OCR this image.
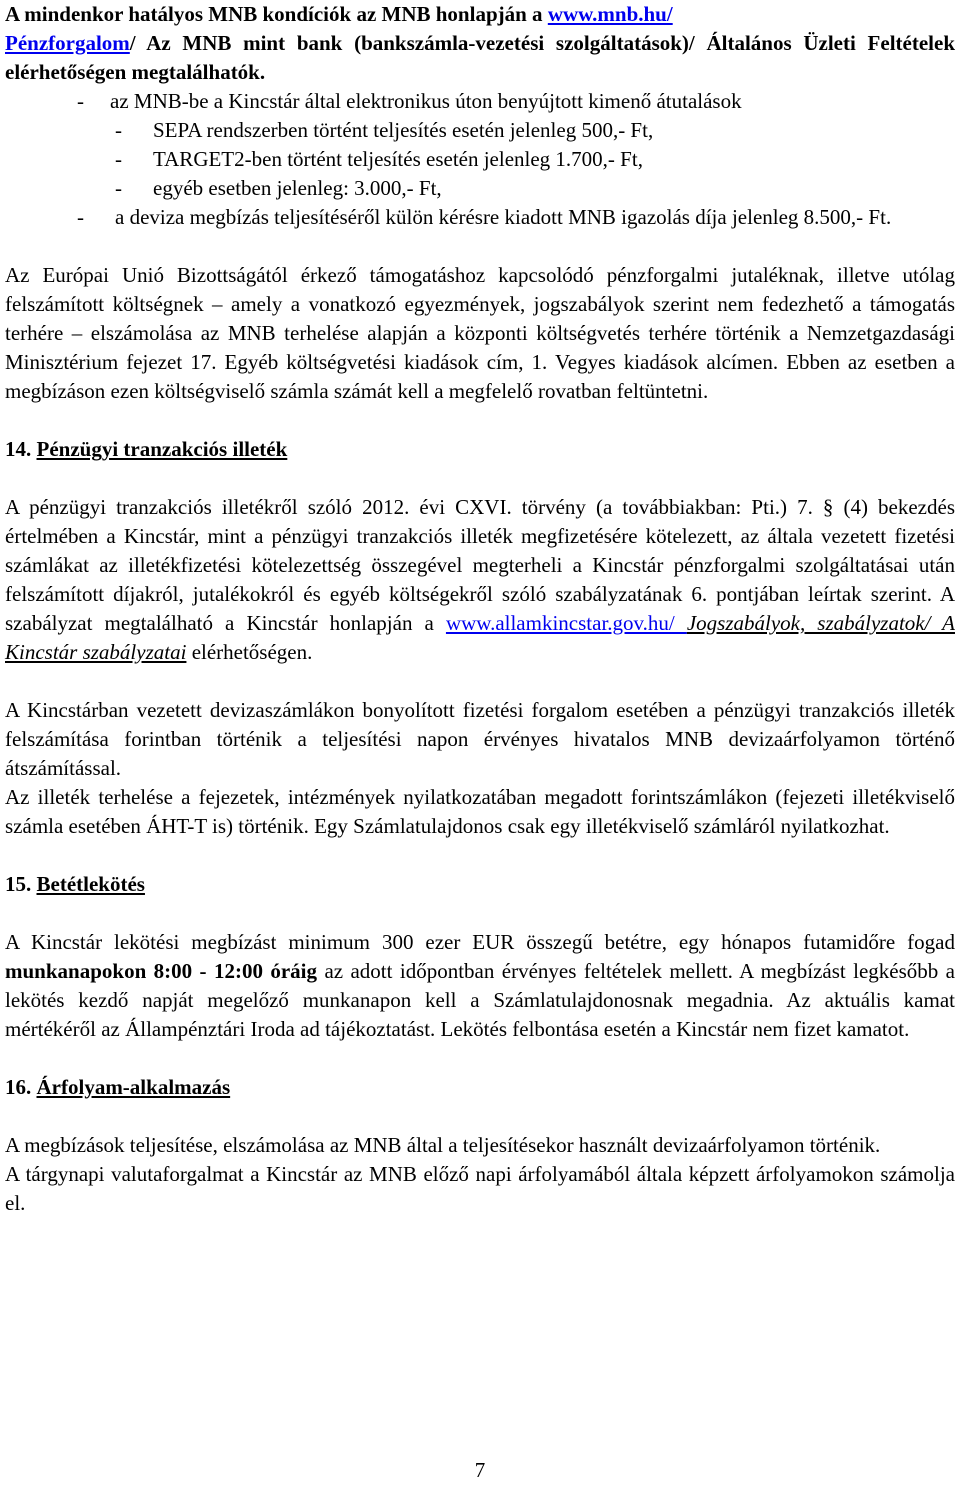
A mindenkor hatályos MNB kondíciók az MNB honlapján a www.mnb.hu/
Pénzforgalom/ Az MNB mint bank (bankszámla-vezetési szolgáltatások)/ Általános Üzleti Feltételek elérhetőségen megtalálhatók.

- az MNB-be a Kincstár által elektronikus úton benyújtott kimenő átutalások
- SEPA rendszerben történt teljesítés esetén jelenleg 500,- Ft,
- TARGET2-ben történt teljesítés esetén jelenleg 1.700,- Ft,
- egyéb esetben jelenleg: 3.000,- Ft,
- a deviza megbízás teljesítéséről külön kérésre kiadott MNB igazolás díja jelenleg 8.500,- Ft.

Az Európai Unió Bizottságától érkező támogatáshoz kapcsolódó pénzforgalmi jutaléknak, illetve utólag felszámított költségnek – amely a vonatkozó egyezmények, jogszabályok szerint nem fedezhető a támogatás terhére – elszámolása az MNB terhelése alapján a központi költségvetés terhére történik a Nemzetgazdasági Minisztérium fejezet 17. Egyéb költségvetési kiadások cím, 1. Vegyes kiadások alcímen. Ebben az esetben a megbízáson ezen költségviselő számla számát kell a megfelelő rovatban feltüntetni.

14. Pénzügyi tranzakciós illeték

A pénzügyi tranzakciós illetékről szóló 2012. évi CXVI. törvény (a továbbiakban: Pti.) 7. § (4) bekezdés értelmében a Kincstár, mint a pénzügyi tranzakciós illeték megfizetésére kötelezett, az általa vezetett fizetési számlákat az illetékfizetési kötelezettség összegével megterheli a Kincstár pénzforgalmi szolgáltatásai után felszámított díjakról, jutalékokról és egyéb költségekről szóló szabályzatának 6. pontjában leírtak szerint. A szabályzat megtalálható a Kincstár honlapján a www.allamkincstar.gov.hu/ Jogszabályok, szabályzatok/ A Kincstár szabályzatai elérhetőségen.

A Kincstárban vezetett devizaszámlákon bonyolított fizetési forgalom esetében a pénzügyi tranzakciós illeték felszámítása forintban történik a teljesítési napon érvényes hivatalos MNB devizaárfolyamon történő átszámítással.

Az illeték terhelése a fejezetek, intézmények nyilatkozatában megadott forintszámlákon (fejezeti illetékviselő számla esetében ÁHT-T is) történik. Egy Számlatulajdonos csak egy illetékviselő számláról nyilatkozhat.

15. Betétlekötés

A Kincstár lekötési megbízást minimum 300 ezer EUR összegű betétre, egy hónapos futamidőre fogad munkanapokon 8:00 - 12:00 óráig az adott időpontban érvényes feltételek mellett. A megbízást legkésőbb a lekötés kezdő napját megelőző munkanapon kell a Számlatulajdonosnak megadnia. Az aktuális kamat mértékéről az Állampénztári Iroda ad tájékoztatást. Lekötés felbontása esetén a Kincstár nem fizet kamatot.

16. Árfolyam-alkalmazás

A megbízások teljesítése, elszámolása az MNB által a teljesítésekor használt devizaárfolyamon történik.

A tárgynapi valutaforgalmat a Kincstár az MNB előző napi árfolyamából általa képzett árfolyamokon számolja el.

7
